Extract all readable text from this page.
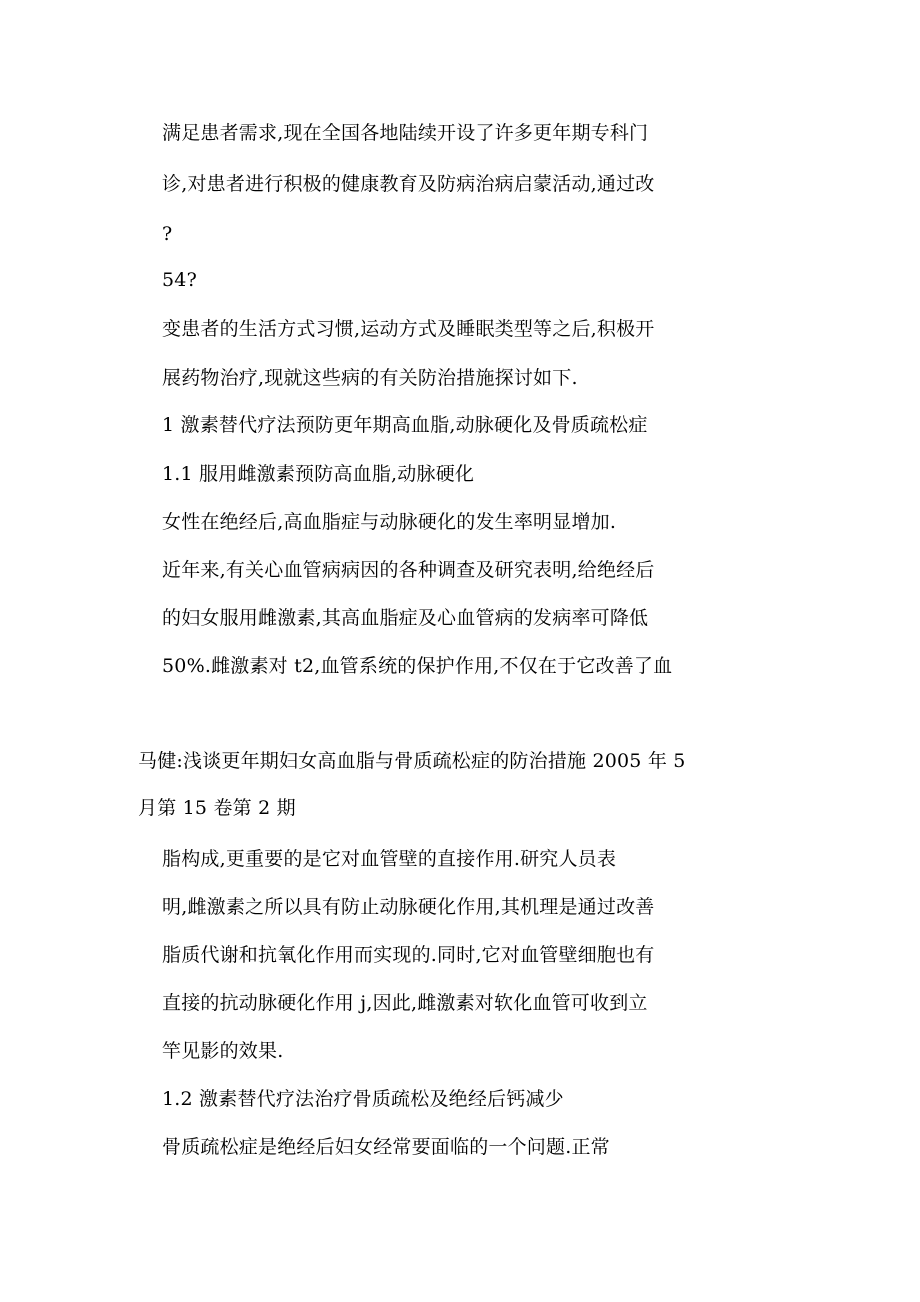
满足患者需求,现在全国各地陆续开设了许多更年期专科门

诊,对患者进行积极的健康教育及防病治病启蒙活动,通过改

?

54?

变患者的生活方式习惯,运动方式及睡眠类型等之后,积极开

展药物治疗,现就这些病的有关防治措施探讨如下.

1 激素替代疗法预防更年期高血脂,动脉硬化及骨质疏松症

1.1 服用雌激素预防高血脂,动脉硬化

女性在绝经后,高血脂症与动脉硬化的发生率明显增加.

近年来,有关心血管病病因的各种调查及研究表明,给绝经后

的妇女服用雌激素,其高血脂症及心血管病的发病率可降低

50%.雌激素对 t2,血管系统的保护作用,不仅在于它改善了血

马健:浅谈更年期妇女高血脂与骨质疏松症的防治措施 2005 年 5

月第 15 卷第 2 期

脂构成,更重要的是它对血管壁的直接作用.研究人员表

明,雌激素之所以具有防止动脉硬化作用,其机理是通过改善

脂质代谢和抗氧化作用而实现的.同时,它对血管壁细胞也有

直接的抗动脉硬化作用 j,因此,雌激素对软化血管可收到立

竿见影的效果.

1.2 激素替代疗法治疗骨质疏松及绝经后钙减少

骨质疏松症是绝经后妇女经常要面临的一个问题.正常
